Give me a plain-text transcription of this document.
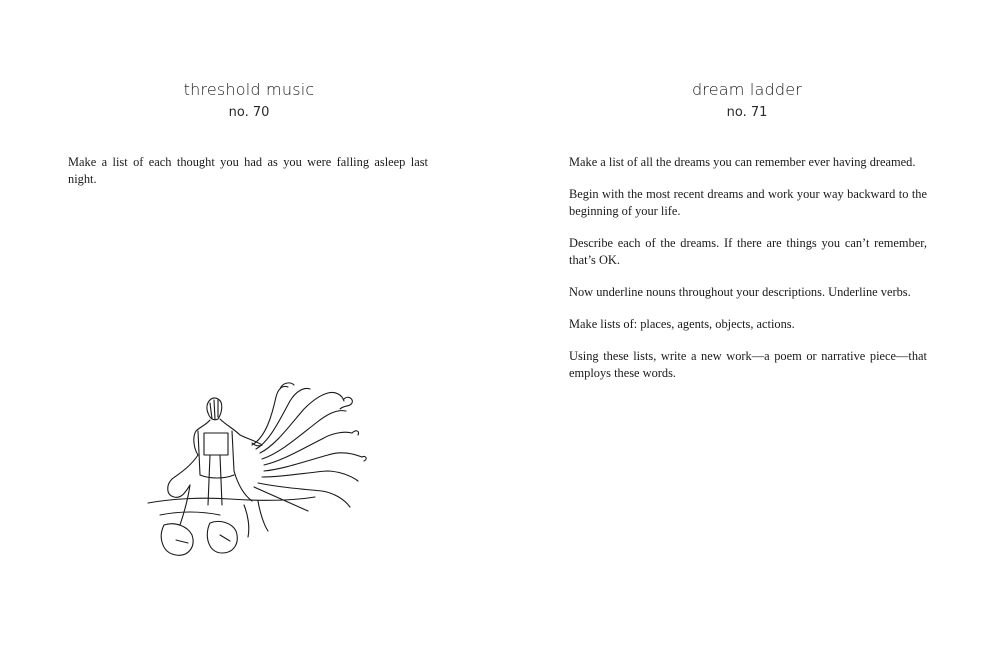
threshold music
no. 70

Make a list of each thought you had as you were falling asleep last night.

dream ladder
no. 71

Make a list of all the dreams you can remember ever having dreamed.

Begin with the most recent dreams and work your way backward to the beginning of your life.

Describe each of the dreams. If there are things you can’t remember, that’s OK.

Now underline nouns throughout your descriptions. Underline verbs.

Make lists of: places, agents, objects, actions.

Using these lists, write a new work—a poem or narrative piece—that employs these words.
